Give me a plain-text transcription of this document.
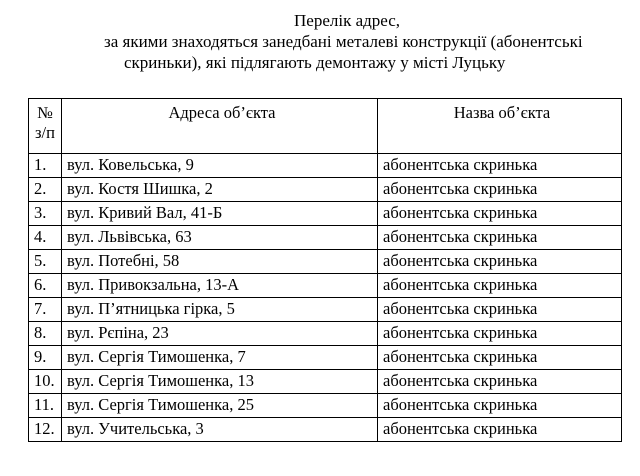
Перелік адрес,
за якими знаходяться занедбані металеві конструкції (абонентські
скриньки), які підлягають демонтажу у місті Луцьку
№
з/п	Адреса об’єкта	Назва об’єкта
1.	вул. Ковельська, 9	абонентська скринька
2.	вул. Костя Шишка, 2	абонентська скринька
3.	вул. Кривий Вал, 41-Б	абонентська скринька
4.	вул. Львівська, 63	абонентська скринька
5.	вул. Потебні, 58	абонентська скринька
6.	вул. Привокзальна, 13-А	абонентська скринька
7.	вул. П’ятницька гірка, 5	абонентська скринька
8.	вул. Рєпіна, 23	абонентська скринька
9.	вул. Сергія Тимошенка, 7	абонентська скринька
10.	вул. Сергія Тимошенка, 13	абонентська скринька
11.	вул. Сергія Тимошенка, 25	абонентська скринька
12.	вул. Учительська, 3	абонентська скринька
